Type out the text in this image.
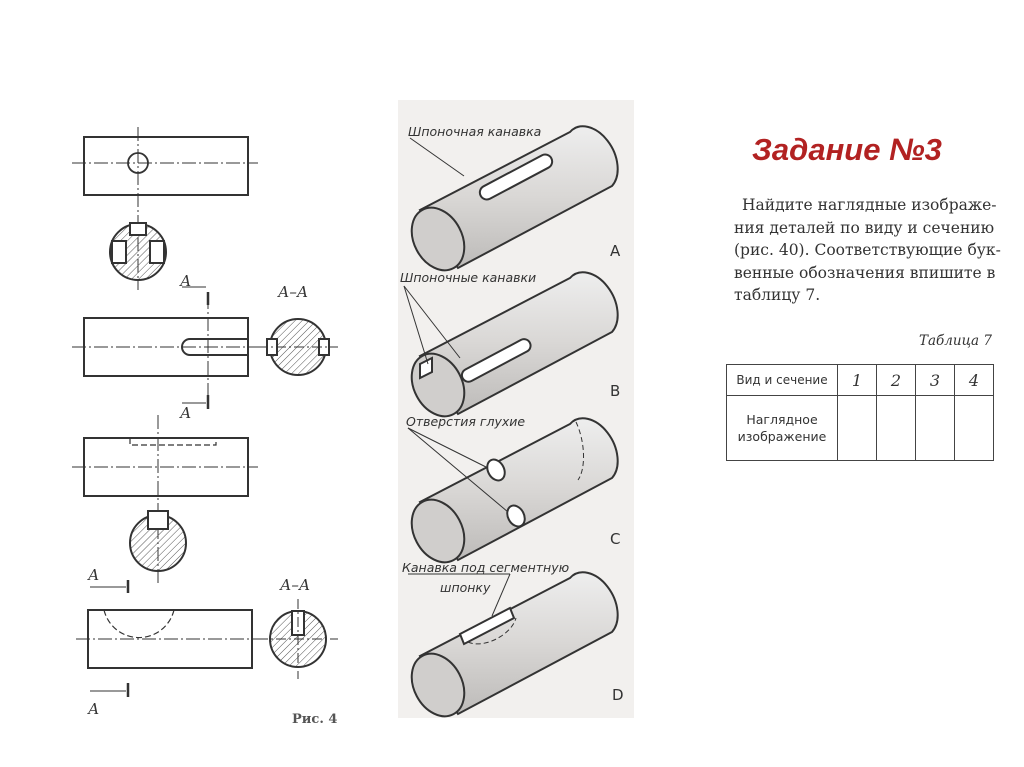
А
А
А
А
А–А
А–А
Рис. 4
Шпоночная канавка
A
Шпоночные канавки
B
Отверстия глухие
C
Канавка под сегментную
шпонку
D
Задание №3
Найдите наглядные изображе-
ния деталей по виду и сечению
(рис. 40). Соответствующие бук-
венные обозначения впишите в
таблицу 7.
Таблица 7
Вид и сечение	1	2	3	4

Наглядное
изображение				
